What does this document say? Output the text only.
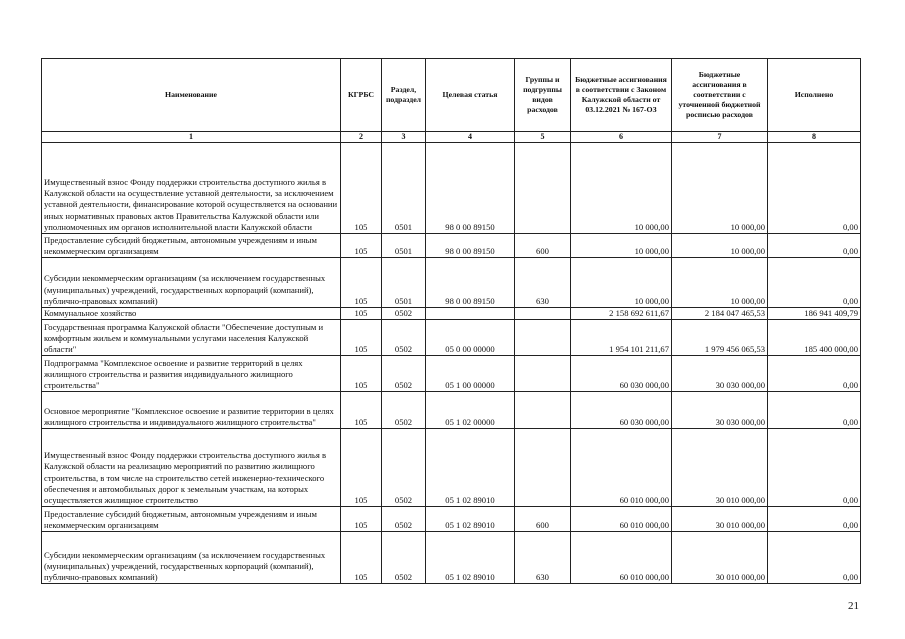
Наименование	КГРБС	Раздел, подраздел	Целевая статья	Группы и подгруппы видов расходов	Бюджетные ассигнования в соответствии с Законом Калужской области от 03.12.2021 № 167-ОЗ	Бюджетные ассигнования в соответствии с уточненной бюджетной росписью расходов	Исполнено
1	2	3	4	5	6	7	8
Имущественный взнос Фонду поддержки строительства доступного жилья в Калужской области на осуществление уставной деятельности, за исключением уставной деятельности, финансирование которой осуществляется на основании иных нормативных правовых актов Правительства Калужской области или уполномоченных им органов исполнительной власти Калужской области	105	0501	98 0 00 89150		10 000,00	10 000,00	0,00
Предоставление субсидий бюджетным, автономным учреждениям и иным некоммерческим организациям	105	0501	98 0 00 89150	600	10 000,00	10 000,00	0,00
Субсидии некоммерческим организациям (за исключением государственных (муниципальных) учреждений, государственных корпораций (компаний), публично-правовых компаний)	105	0501	98 0 00 89150	630	10 000,00	10 000,00	0,00
Коммунальное хозяйство	105	0502			2 158 692 611,67	2 184 047 465,53	186 941 409,79
Государственная программа Калужской области "Обеспечение доступным и комфортным жильем и коммунальными услугами населения Калужской области"	105	0502	05 0 00 00000		1 954 101 211,67	1 979 456 065,53	185 400 000,00
Подпрограмма "Комплексное освоение и развитие территорий в целях жилищного строительства и развития индивидуального жилищного строительства"	105	0502	05 1 00 00000		60 030 000,00	30 030 000,00	0,00
Основное мероприятие "Комплексное освоение и развитие территории в целях жилищного строительства и индивидуального жилищного строительства"	105	0502	05 1 02 00000		60 030 000,00	30 030 000,00	0,00
Имущественный взнос Фонду поддержки строительства доступного жилья в Калужской области на реализацию мероприятий по развитию жилищного строительства, в том числе на строительство сетей инженерно-технического обеспечения и автомобильных дорог к земельным участкам, на которых осуществляется жилищное строительство	105	0502	05 1 02 89010		60 010 000,00	30 010 000,00	0,00
Предоставление субсидий бюджетным, автономным учреждениям и иным некоммерческим организациям	105	0502	05 1 02 89010	600	60 010 000,00	30 010 000,00	0,00
Субсидии некоммерческим организациям (за исключением государственных (муниципальных) учреждений, государственных корпораций (компаний), публично-правовых компаний)	105	0502	05 1 02 89010	630	60 010 000,00	30 010 000,00	0,00
21
